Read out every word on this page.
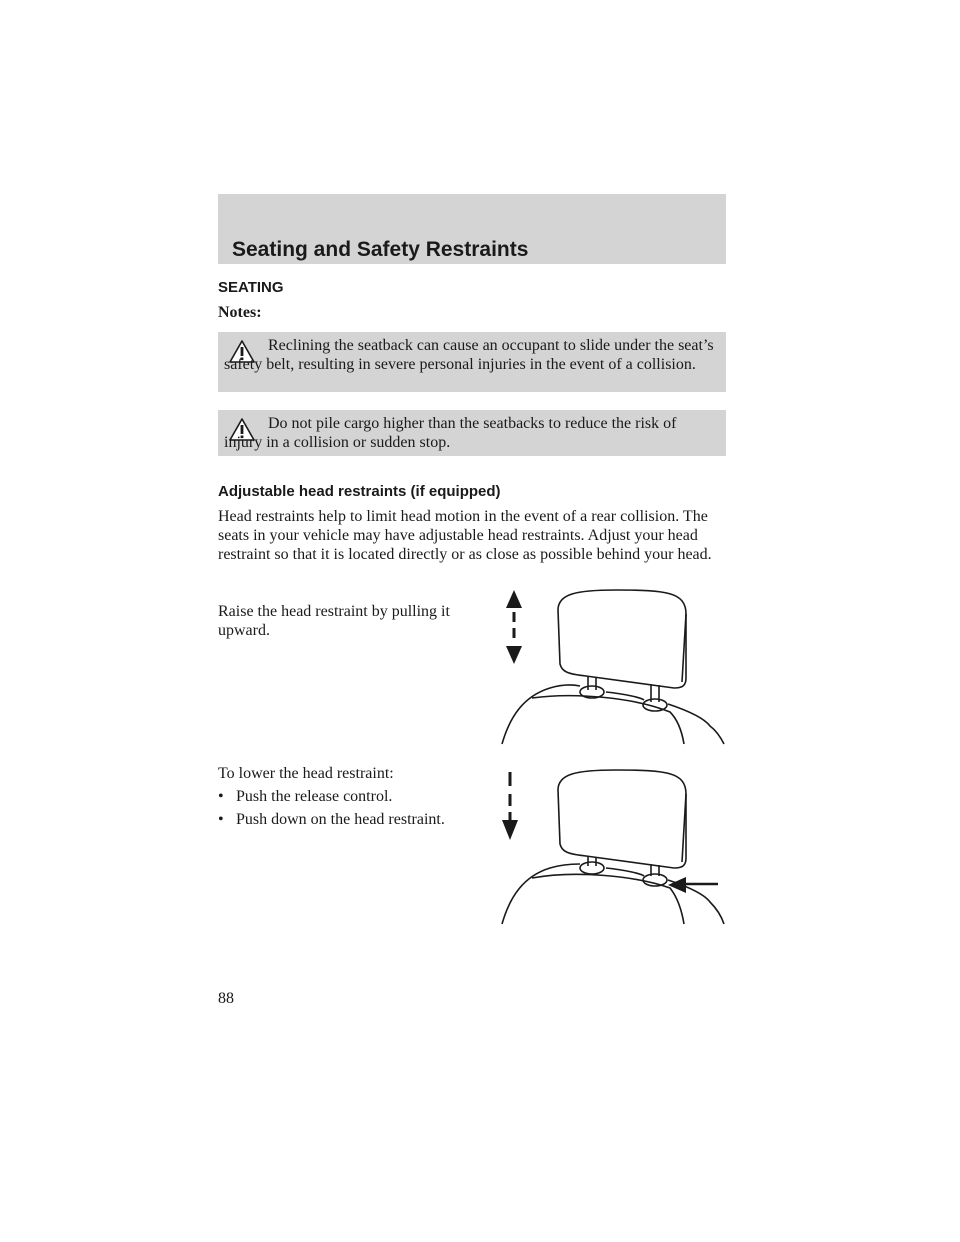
Seating and Safety Restraints
SEATING
Notes:
Reclining the seatback can cause an occupant to slide under the seat’s safety belt, resulting in severe personal injuries in the event of a collision.
Do not pile cargo higher than the seatbacks to reduce the risk of injury in a collision or sudden stop.
Adjustable head restraints (if equipped)
Head restraints help to limit head motion in the event of a rear collision. The seats in your vehicle may have adjustable head restraints. Adjust your head restraint so that it is located directly or as close as possible behind your head.
Raise the head restraint by pulling it upward.
To lower the head restraint:
• Push the release control.
• Push down on the head restraint.
88
